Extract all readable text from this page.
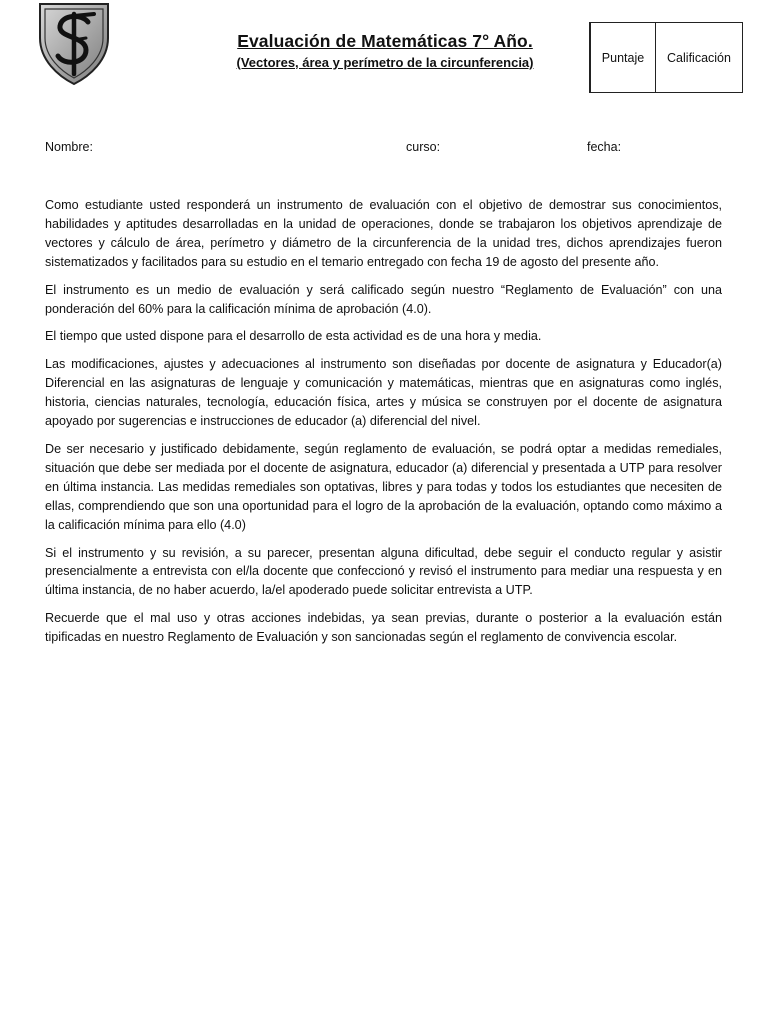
Evaluación de Matemáticas 7° Año.
(Vectores, área y perímetro de la circunferencia)	Puntaje	Calificación
Nombre:	curso:	fecha:

Como estudiante usted responderá un instrumento de evaluación con el objetivo de demostrar sus conocimientos, habilidades y aptitudes desarrolladas en la unidad de operaciones, donde se trabajaron los objetivos aprendizaje de vectores y cálculo de área, perímetro y diámetro de la circunferencia de la unidad tres, dichos aprendizajes fueron sistematizados y facilitados para su estudio en el temario entregado con fecha 19 de agosto del presente año.

El instrumento es un medio de evaluación y será calificado según nuestro “Reglamento de Evaluación” con una ponderación del 60% para la calificación mínima de aprobación (4.0).

El tiempo que usted dispone para el desarrollo de esta actividad es de una hora y media.

Las modificaciones, ajustes y adecuaciones al instrumento son diseñadas por docente de asignatura y Educador(a) Diferencial en las asignaturas de lenguaje y comunicación y matemáticas, mientras que en asignaturas como inglés, historia, ciencias naturales, tecnología, educación física, artes y música se construyen por el docente de asignatura apoyado por sugerencias e instrucciones de educador (a) diferencial del nivel.

De ser necesario y justificado debidamente, según reglamento de evaluación, se podrá optar a medidas remediales, situación que debe ser mediada por el docente de asignatura, educador (a) diferencial y presentada a UTP para resolver en última instancia. Las medidas remediales son optativas, libres y para todas y todos los estudiantes que necesiten de ellas, comprendiendo que son una oportunidad para el logro de la aprobación de la evaluación, optando como máximo a la calificación mínima para ello (4.0)

Si el instrumento y su revisión, a su parecer, presentan alguna dificultad, debe seguir el conducto regular y asistir presencialmente a entrevista con el/la docente que confeccionó y revisó el instrumento para mediar una respuesta y en última instancia, de no haber acuerdo, la/el apoderado puede solicitar entrevista a UTP.

Recuerde que el mal uso y otras acciones indebidas, ya sean previas, durante o posterior a la evaluación están tipificadas en nuestro Reglamento de Evaluación y son sancionadas según el reglamento de convivencia escolar.
